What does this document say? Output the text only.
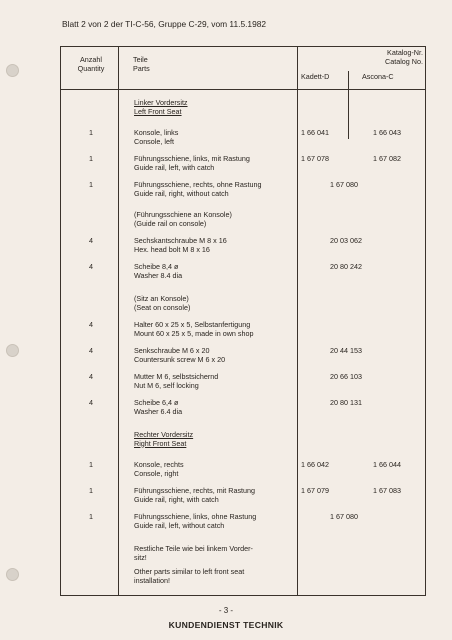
Blatt 2 von 2 der TI-C-56, Gruppe C-29, vom 11.5.1982
Anzahl
Quantity
Teile
Parts
Katalog-Nr.
Catalog No.
Kadett-D	Ascona-C
Linker Vordersitz
Left Front Seat
1	Konsole, links
Console, left
1 66 041	1 66 043
1	Führungsschiene, links, mit Rastung
Guide rail, left, with catch
1 67 078	1 67 082
1	Führungsschiene, rechts, ohne Rastung
Guide rail, right, without catch
1 67 080
(Führungsschiene an Konsole)
(Guide rail on console)
4	Sechskantschraube M 8 x 16
Hex. head bolt M 8 x 16
20 03 062
4	Scheibe 8,4 ø
Washer 8.4 dia
20 80 242
(Sitz an Konsole)
(Seat on console)
4	Halter 60 x 25 x 5, Selbstanfertigung
Mount 60 x 25 x 5, made in own shop
4	Senkschraube M 6 x 20
Countersunk screw M 6 x 20
20 44 153
4	Mutter M 6, selbstsichernd
Nut M 6, self locking
20 66 103
4	Scheibe 6,4 ø
Washer 6.4 dia
20 80 131
Rechter Vordersitz
Right Front Seat
1	Konsole, rechts
Console, right
1 66 042	1 66 044
1	Führungsschiene, rechts, mit Rastung
Guide rail, right, with catch
1 67 079	1 67 083
1	Führungsschiene, links, ohne Rastung
Guide rail, left, without catch
1 67 080
Restliche Teile wie bei linkem Vorder-
sitz!
Other parts similar to left front seat
installation!
- 3 -
KUNDENDIENST TECHNIK
